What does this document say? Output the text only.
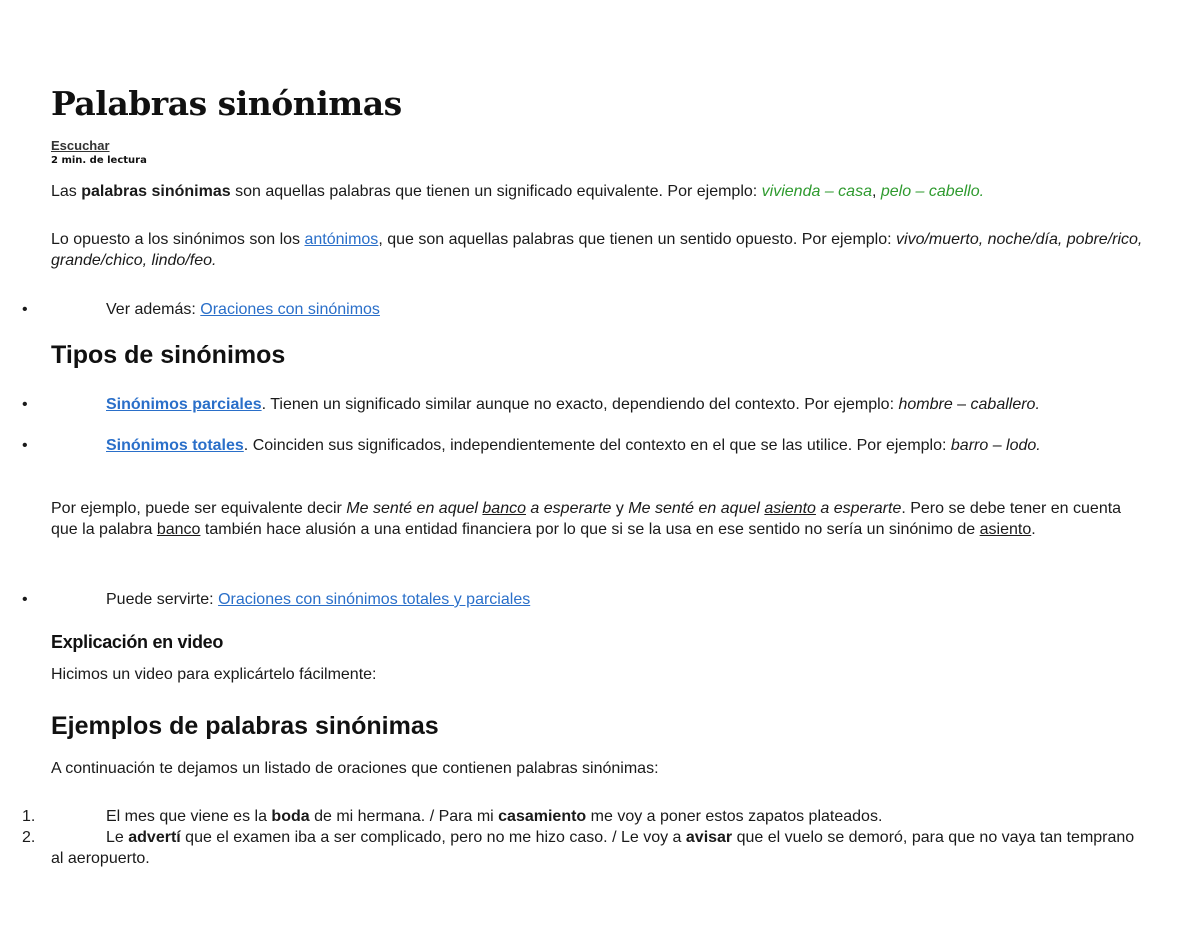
Palabras sinónimas
Escuchar
2 min. de lectura
Las palabras sinónimas son aquellas palabras que tienen un significado equivalente. Por ejemplo: vivienda – casa, pelo – cabello.
Lo opuesto a los sinónimos son los antónimos, que son aquellas palabras que tienen un sentido opuesto. Por ejemplo: vivo/muerto, noche/día, pobre/rico, grande/chico, lindo/feo.
•	Ver además: Oraciones con sinónimos
Tipos de sinónimos
•	Sinónimos parciales. Tienen un significado similar aunque no exacto, dependiendo del contexto. Por ejemplo: hombre – caballero.
•	Sinónimos totales. Coinciden sus significados, independientemente del contexto en el que se las utilice. Por ejemplo: barro – lodo.
Por ejemplo, puede ser equivalente decir Me senté en aquel banco a esperarte y Me senté en aquel asiento a esperarte. Pero se debe tener en cuenta que la palabra banco también hace alusión a una entidad financiera por lo que si se la usa en ese sentido no sería un sinónimo de asiento.
•	Puede servirte: Oraciones con sinónimos totales y parciales
Explicación en video
Hicimos un video para explicártelo fácilmente:
Ejemplos de palabras sinónimas
A continuación te dejamos un listado de oraciones que contienen palabras sinónimas:
1.	El mes que viene es la boda de mi hermana. / Para mi casamiento me voy a poner estos zapatos plateados.
2.	Le advertí que el examen iba a ser complicado, pero no me hizo caso. / Le voy a avisar que el vuelo se demoró, para que no vaya tan temprano al aeropuerto.
